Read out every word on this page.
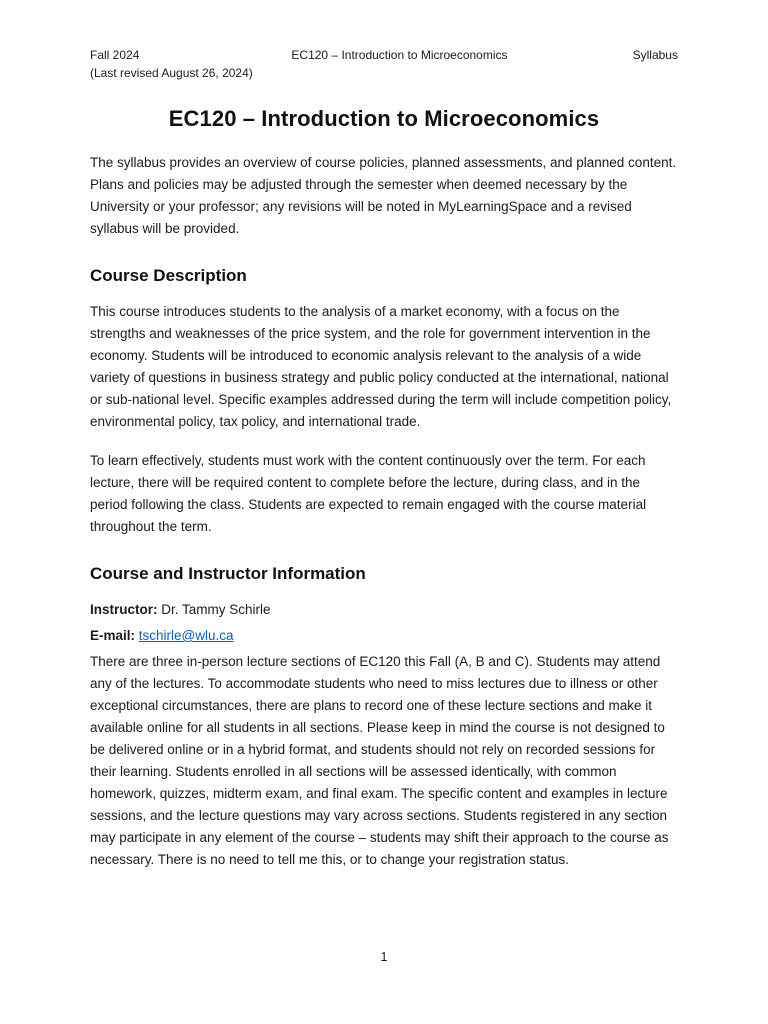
Fall 2024
(Last revised August 26, 2024)
EC120 – Introduction to Microeconomics	Syllabus
EC120 – Introduction to Microeconomics

The syllabus provides an overview of course policies, planned assessments, and planned content. Plans and policies may be adjusted through the semester when deemed necessary by the University or your professor; any revisions will be noted in MyLearningSpace and a revised syllabus will be provided.

Course Description

This course introduces students to the analysis of a market economy, with a focus on the strengths and weaknesses of the price system, and the role for government intervention in the economy. Students will be introduced to economic analysis relevant to the analysis of a wide variety of questions in business strategy and public policy conducted at the international, national or sub-national level. Specific examples addressed during the term will include competition policy, environmental policy, tax policy, and international trade.

To learn effectively, students must work with the content continuously over the term. For each lecture, there will be required content to complete before the lecture, during class, and in the period following the class. Students are expected to remain engaged with the course material throughout the term.

Course and Instructor Information

Instructor: Dr. Tammy Schirle

E-mail: tschirle@wlu.ca

There are three in-person lecture sections of EC120 this Fall (A, B and C). Students may attend any of the lectures. To accommodate students who need to miss lectures due to illness or other exceptional circumstances, there are plans to record one of these lecture sections and make it available online for all students in all sections. Please keep in mind the course is not designed to be delivered online or in a hybrid format, and students should not rely on recorded sessions for their learning. Students enrolled in all sections will be assessed identically, with common homework, quizzes, midterm exam, and final exam. The specific content and examples in lecture sessions, and the lecture questions may vary across sections. Students registered in any section may participate in any element of the course – students may shift their approach to the course as necessary. There is no need to tell me this, or to change your registration status.

1
